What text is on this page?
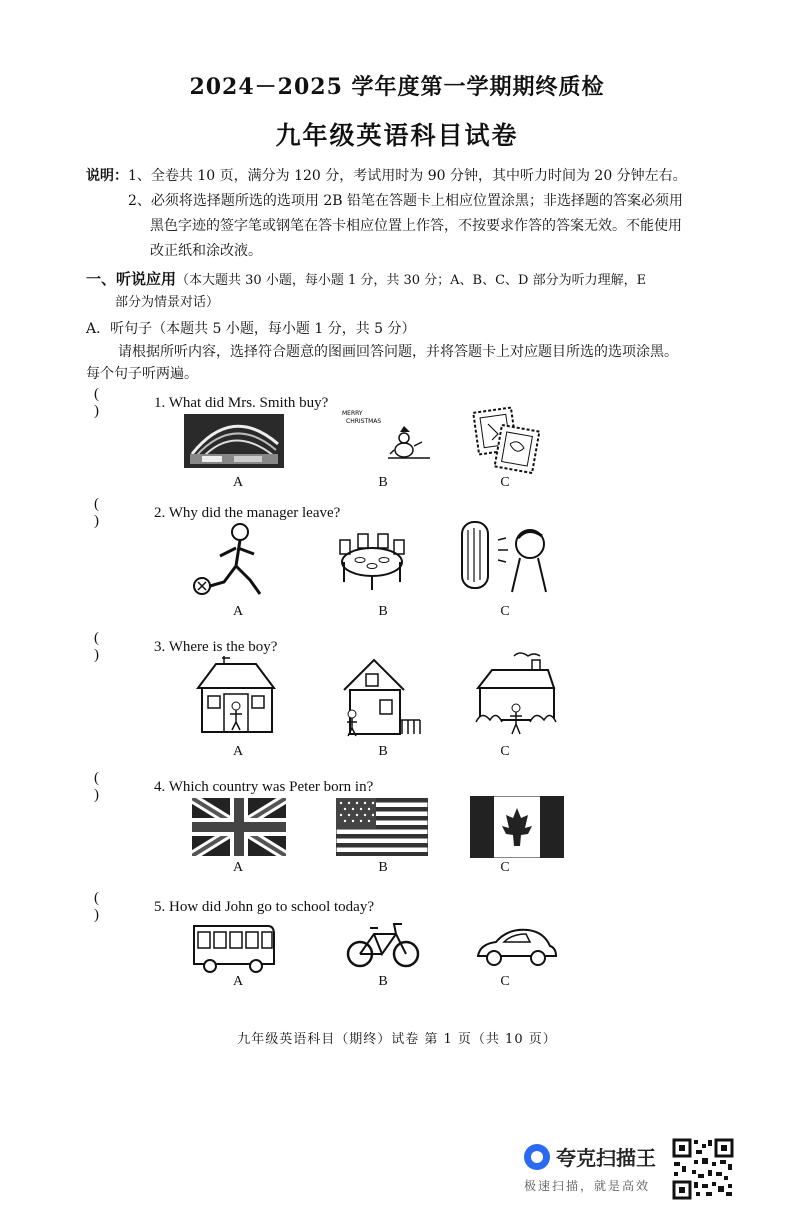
2024－2025 学年度第一学期期终质检
九年级英语科目试卷
说明：1、全卷共 10 页，满分为 120 分，考试用时为 90 分钟，其中听力时间为 20 分钟左右。
2、必须将选择题所选的选项用 2B 铅笔在答题卡上相应位置涂黑；非选择题的答案必须用
黑色字迹的签字笔或钢笔在答卡相应位置上作答，不按要求作答的答案无效。不能使用
改正纸和涂改液。
一、听说应用（本大题共 30 小题，每小题 1 分，共 30 分；A、B、C、D 部分为听力理解，E
部分为情景对话）
A．听句子（本题共 5 小题，每小题 1 分，共 5 分）
请根据所听内容，选择符合题意的图画回答问题，并将答题卡上对应题目所选的选项涂黑。
每个句子听两遍。
()
1. What did Mrs. Smith buy?
MERRY
CHRISTMAS
A	B	C
()
2. Why did the manager leave?
A	B	C
()
3. Where is the boy?
A	B	C
()
4. Which country was Peter born in?
A	B	C
()
5. How did John go to school today?
A	B	C
九年级英语科目（期终）试卷 第 1 页（共 10 页）
夸克扫描王
极速扫描，就是高效
